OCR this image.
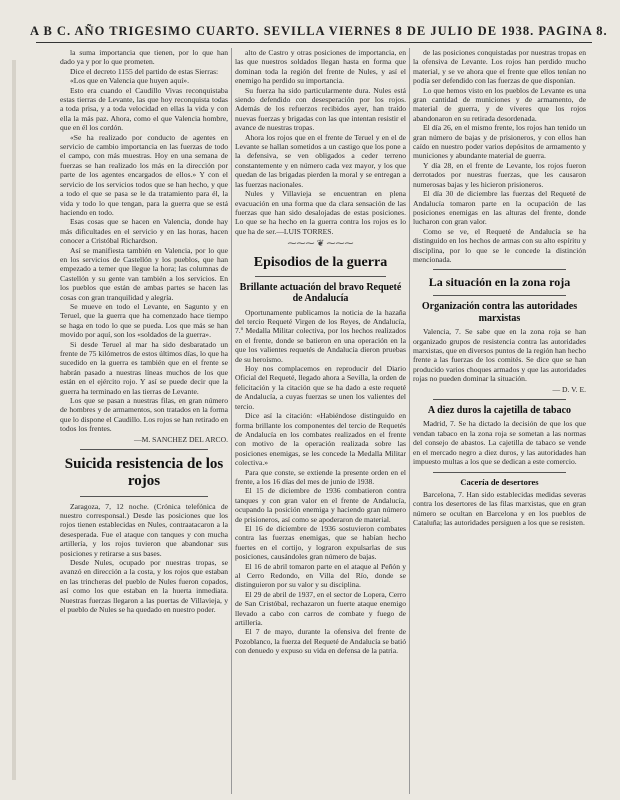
A B C. AÑO TRIGESIMO CUARTO. SEVILLA VIERNES 8 DE JULIO DE 1938. PAGINA 8.

la suma importancia que tienen, por lo que han dado ya y por lo que prometen.

Dice el decreto 1155 del partido de estas Sierras:

«Los que en Valencia que huyen aquí».

Esto era cuando el Caudillo Vivas reconquistaba estas tierras de Levante, las que hoy reconquista todas a toda prisa, y a toda velocidad en ellas la vida y con ella la más paz. Ahora, como el que Valencia hombre, que en él los cordón.

«Se ha realizado por conducto de agentes en servicio de cambio importancia en las fuerzas de todo el campo, con más muestras. Hoy en una semana de fuerzas se han realizado los más en la dirección por parte de los agentes encargados de ellos.» Y con el servicio de los servicios todos que se han hecho, y que a todo el que se pasa se le da tratamiento para él, la vida y todo lo que tengan, para la guerra que se está haciendo en todo.

Esas cosas que se hacen en Valencia, donde hay más dificultades en el servicio y en las horas, hacen conocer a Cristóbal Richardson.

Así se manifiesta también en Valencia, por lo que en los servicios de Castellón y los pueblos, que han empezado a temer que llegue la hora; las columnas de Castellón y su gente van también a los servicios. En los pueblos que están de ambas partes se hacen las cosas con gran tranquilidad y alegría.

Se mueve en todo el Levante, en Sagunto y en Teruel, que la guerra que ha comenzado hace tiempo se haga en todo lo que se pueda. Los que más se han movido por aquí, son los «soldados de la guerra».

Si desde Teruel al mar ha sido desbaratado un frente de 75 kilómetros de estos últimos días, lo que ha sucedido en la guerra es también que en el frente se habrán pasado a nuestras líneas muchos de los que están en el ejército rojo. Y así se puede decir que la guerra ha terminado en las tierras de Levante.

Los que se pasan a nuestras filas, en gran número de hombres y de armamentos, son tratados en la forma que lo dispone el Caudillo. Los rojos se han retirado en todos los frentes.

—M. SANCHEZ DEL ARCO.
Suicida resistencia de los rojos

Zaragoza, 7, 12 noche. (Crónica telefónica de nuestro corresponsal.) Desde las posiciones que los rojos tienen establecidas en Nules, contraatacaron a la desesperada. Fue el ataque con tanques y con mucha artillería, y los rojos tuvieron que abandonar sus posiciones y retirarse a sus bases.

Desde Nules, ocupado por nuestras tropas, se avanzó en dirección a la costa, y los rojos que estaban en las trincheras del pueblo de Nules fueron copados, así como los que estaban en la huerta inmediata. Nuestras fuerzas llegaron a las puertas de Villavieja, y el pueblo de Nules se ha quedado en nuestro poder.

alto de Castro y otras posiciones de importancia, en las que nuestros soldados llegan hasta en forma que dominan toda la región del frente de Nules, y así el enemigo ha perdido su importancia.

Su fuerza ha sido particularmente dura. Nules está siendo defendido con desesperación por los rojos. Además de los refuerzos recibidos ayer, han traído nuevas fuerzas y brigadas con las que intentan resistir el avance de nuestras tropas.

Ahora los rojos que en el frente de Teruel y en el de Levante se hallan sometidos a un castigo que los pone a la defensiva, se ven obligados a ceder terreno constantemente y en número cada vez mayor, y los que quedan de las brigadas pierden la moral y se entregan a las fuerzas nacionales.

Nules y Villavieja se encuentran en plena evacuación en una forma que da clara sensación de las fuerzas que han sido desalojadas de estas posiciones. Lo que se ha hecho en la guerra contra los rojos es lo que ha de ser.—LUIS TORRES.

⁓⁓⁓ ❦ ⁓⁓⁓
Episodios de la guerra
Brillante actuación del bravo Requeté de Andalucía

Oportunamente publicamos la noticia de la hazaña del tercio Requeté Virgen de los Reyes, de Andalucía, 7.º Medalla Militar colectiva, por los hechos realizados en el frente, donde se batieron en una operación en la que los valientes requetés de Andalucía dieron pruebas de su heroísmo.

Hoy nos complacemos en reproducir del Diario Oficial del Requeté, llegado ahora a Sevilla, la orden de felicitación y la citación que se ha dado a este requeté de Andalucía, a cuyas fuerzas se unen los valientes del tercio.

Dice así la citación: «Habiéndose distinguido en forma brillante los componentes del tercio de Requetés de Andalucía en los combates realizados en el frente con motivo de la operación realizada sobre las posiciones enemigas, se les concede la Medalla Militar colectiva.»

Para que conste, se extiende la presente orden en el frente, a los 16 días del mes de junio de 1938.

El 15 de diciembre de 1936 combatieron contra tanques y con gran valor en el frente de Andalucía, ocupando la posición enemiga y haciendo gran número de prisioneros, así como se apoderaron de material.

El 16 de diciembre de 1936 sostuvieron combates contra las fuerzas enemigas, que se habían hecho fuertes en el cortijo, y lograron expulsarlas de sus posiciones, causándoles gran número de bajas.

El 16 de abril tomaron parte en el ataque al Peñón y al Cerro Redondo, en Villa del Río, donde se distinguieron por su valor y su disciplina.

El 29 de abril de 1937, en el sector de Lopera, Cerro de San Cristóbal, rechazaron un fuerte ataque enemigo llevado a cabo con carros de combate y fuego de artillería.

El 7 de mayo, durante la ofensiva del frente de Pozoblanco, la fuerza del Requeté de Andalucía se batió con denuedo y expuso su vida en defensa de la patria.

de las posiciones conquistadas por nuestras tropas en la ofensiva de Levante. Los rojos han perdido mucho material, y se ve ahora que el frente que ellos tenían no podía ser defendido con las fuerzas de que disponían.

Lo que hemos visto en los pueblos de Levante es una gran cantidad de municiones y de armamento, de material de guerra, y de víveres que los rojos abandonaron en su retirada desordenada.

El día 26, en el mismo frente, los rojos han tenido un gran número de bajas y de prisioneros, y con ellos han caído en nuestro poder varios depósitos de armamento y municiones y abundante material de guerra.

Y día 28, en el frente de Levante, los rojos fueron derrotados por nuestras fuerzas, que les causaron numerosas bajas y les hicieron prisioneros.

El día 30 de diciembre las fuerzas del Requeté de Andalucía tomaron parte en la ocupación de las posiciones enemigas en las alturas del frente, donde lucharon con gran valor.

Como se ve, el Requeté de Andalucía se ha distinguido en los hechos de armas con su alto espíritu y disciplina, por lo que se le concede la distinción mencionada.

La situación en la zona roja
Organización contra las autoridades marxistas

Valencia, 7. Se sabe que en la zona roja se han organizado grupos de resistencia contra las autoridades marxistas, que en diversos puntos de la región han hecho frente a las fuerzas de los comités. Se dice que se han producido varios choques armados y que las autoridades rojas no pueden dominar la situación.

— D. V. E.
A diez duros la cajetilla de tabaco

Madrid, 7. Se ha dictado la decisión de que los que vendan tabaco en la zona roja se sometan a las normas del consejo de abastos. La cajetilla de tabaco se vende en el mercado negro a diez duros, y las autoridades han impuesto multas a los que se dedican a este comercio.

Cacería de desertores

Barcelona, 7. Han sido establecidas medidas severas contra los desertores de las filas marxistas, que en gran número se ocultan en Barcelona y en los pueblos de Cataluña; las autoridades persiguen a los que se resisten.
